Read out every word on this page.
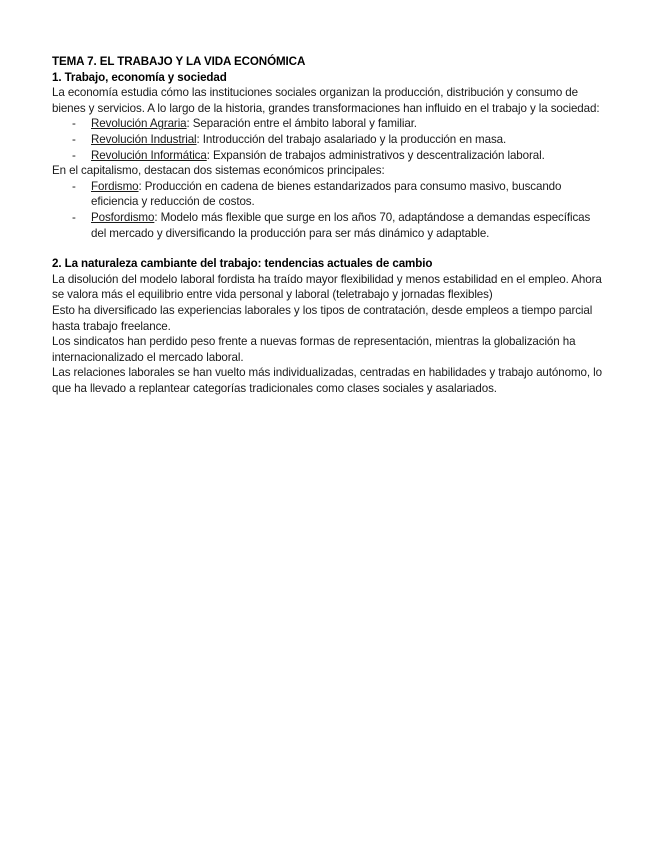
TEMA 7. EL TRABAJO Y LA VIDA ECONÓMICA

1. Trabajo, economía y sociedad

La economía estudia cómo las instituciones sociales organizan la producción, distribución y consumo de bienes y servicios. A lo largo de la historia, grandes transformaciones han influido en el trabajo y la sociedad:

- Revolución Agraria: Separación entre el ámbito laboral y familiar.
- Revolución Industrial: Introducción del trabajo asalariado y la producción en masa.
- Revolución Informática: Expansión de trabajos administrativos y descentralización laboral.

En el capitalismo, destacan dos sistemas económicos principales:

- Fordismo: Producción en cadena de bienes estandarizados para consumo masivo, buscando eficiencia y reducción de costos.
- Posfordismo: Modelo más flexible que surge en los años 70, adaptándose a demandas específicas del mercado y diversificando la producción para ser más dinámico y adaptable.

2. La naturaleza cambiante del trabajo: tendencias actuales de cambio

La disolución del modelo laboral fordista ha traído mayor flexibilidad y menos estabilidad en el empleo. Ahora se valora más el equilibrio entre vida personal y laboral (teletrabajo y jornadas flexibles)

Esto ha diversificado las experiencias laborales y los tipos de contratación, desde empleos a tiempo parcial hasta trabajo freelance.

Los sindicatos han perdido peso frente a nuevas formas de representación, mientras la globalización ha internacionalizado el mercado laboral.

Las relaciones laborales se han vuelto más individualizadas, centradas en habilidades y trabajo autónomo, lo que ha llevado a replantear categorías tradicionales como clases sociales y asalariados.
